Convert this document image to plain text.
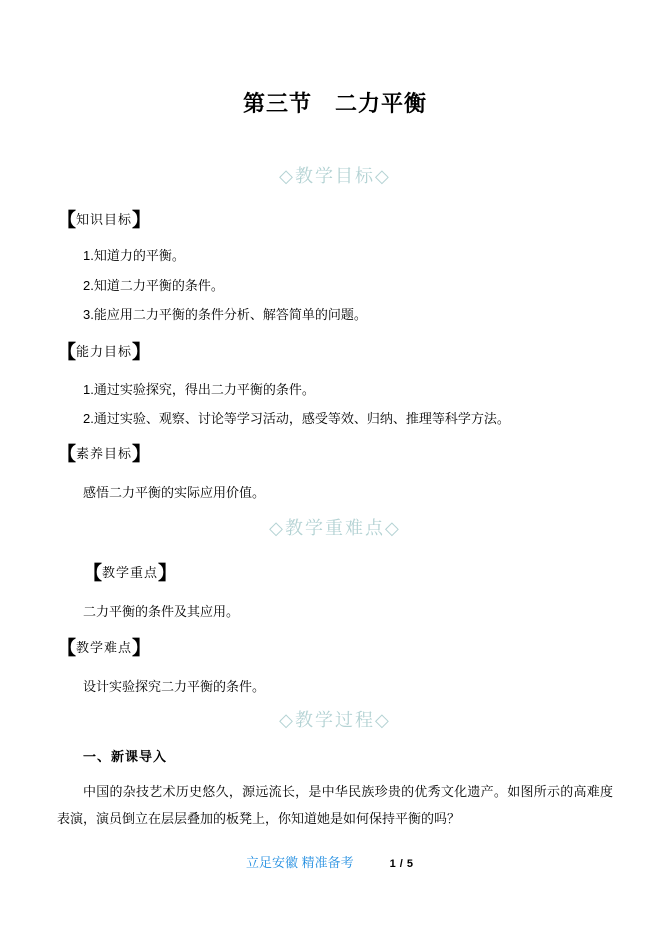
第三节　二力平衡
◇教学目标◇
【知识目标】

1.知道力的平衡。

2.知道二力平衡的条件。

3.能应用二力平衡的条件分析、解答简单的问题。

【能力目标】

1.通过实验探究，得出二力平衡的条件。

2.通过实验、观察、讨论等学习活动，感受等效、归纳、推理等科学方法。

【素养目标】

感悟二力平衡的实际应用价值。

◇教学重难点◇
【教学重点】

二力平衡的条件及其应用。

【教学难点】

设计实验探究二力平衡的条件。

◇教学过程◇

一、新课导入

中国的杂技艺术历史悠久，源远流长，是中华民族珍贵的优秀文化遗产。如图所示的高难度表演，演员倒立在层层叠加的板凳上，你知道她是如何保持平衡的吗？

立足安徽 精准备考	1 / 5
